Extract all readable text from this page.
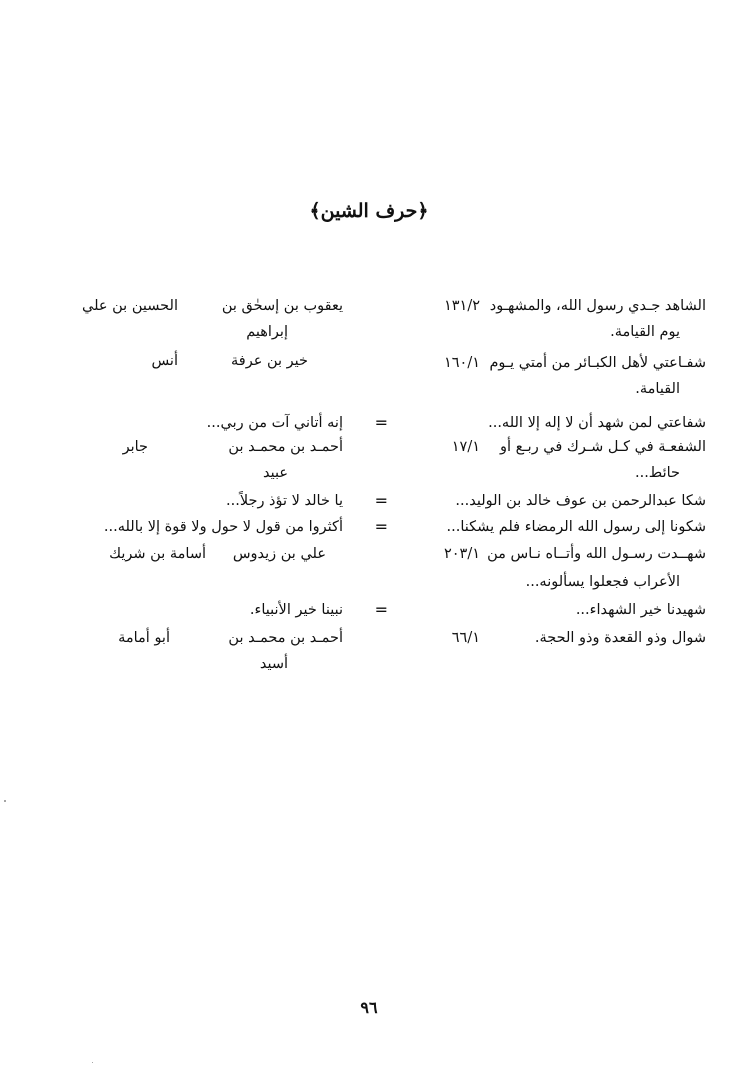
﴿حرف الشين﴾
الشاهد جـدي رسول الله، والمشهـود
يوم القيامة.
١٣١/٢
يعقوب بن إسحٰق بن
إبراهيم
الحسين بن علي
شفـاعتي لأهل الكبـائر من أمتي يـوم
القيامة.
١٦٠/١
خير بن عرفة
أنس
شفاعتي لمن شهد أن لا إله إلا الله...
=
إنه أتاني آت من ربي...
الشفعـة في كـل شـرك في ربـع أو
حائط...
١٧/١
أحمـد بن محمـد بن
عبيد
جابر
شكا عبدالرحمن بن عوف خالد بن الوليد...
=
يا خالد لا تؤذ رجلاً...
شكونا إلى رسول الله الرمضاء فلم يشكنا...
=
أكثروا من قول لا حول ولا قوة إلا بالله...
شهــدت رسـول الله وأتــاه نـاس من
الأعراب فجعلوا يسألونه...
٢٠٣/١
علي بن زيدوس
أسامة بن شريك
شهيدنا خير الشهداء...
=
نبينا خير الأنبياء.
شوال وذو القعدة وذو الحجة.
٦٦/١
أحمـد بن محمـد بن
أسيد
أبو أمامة
٩٦
